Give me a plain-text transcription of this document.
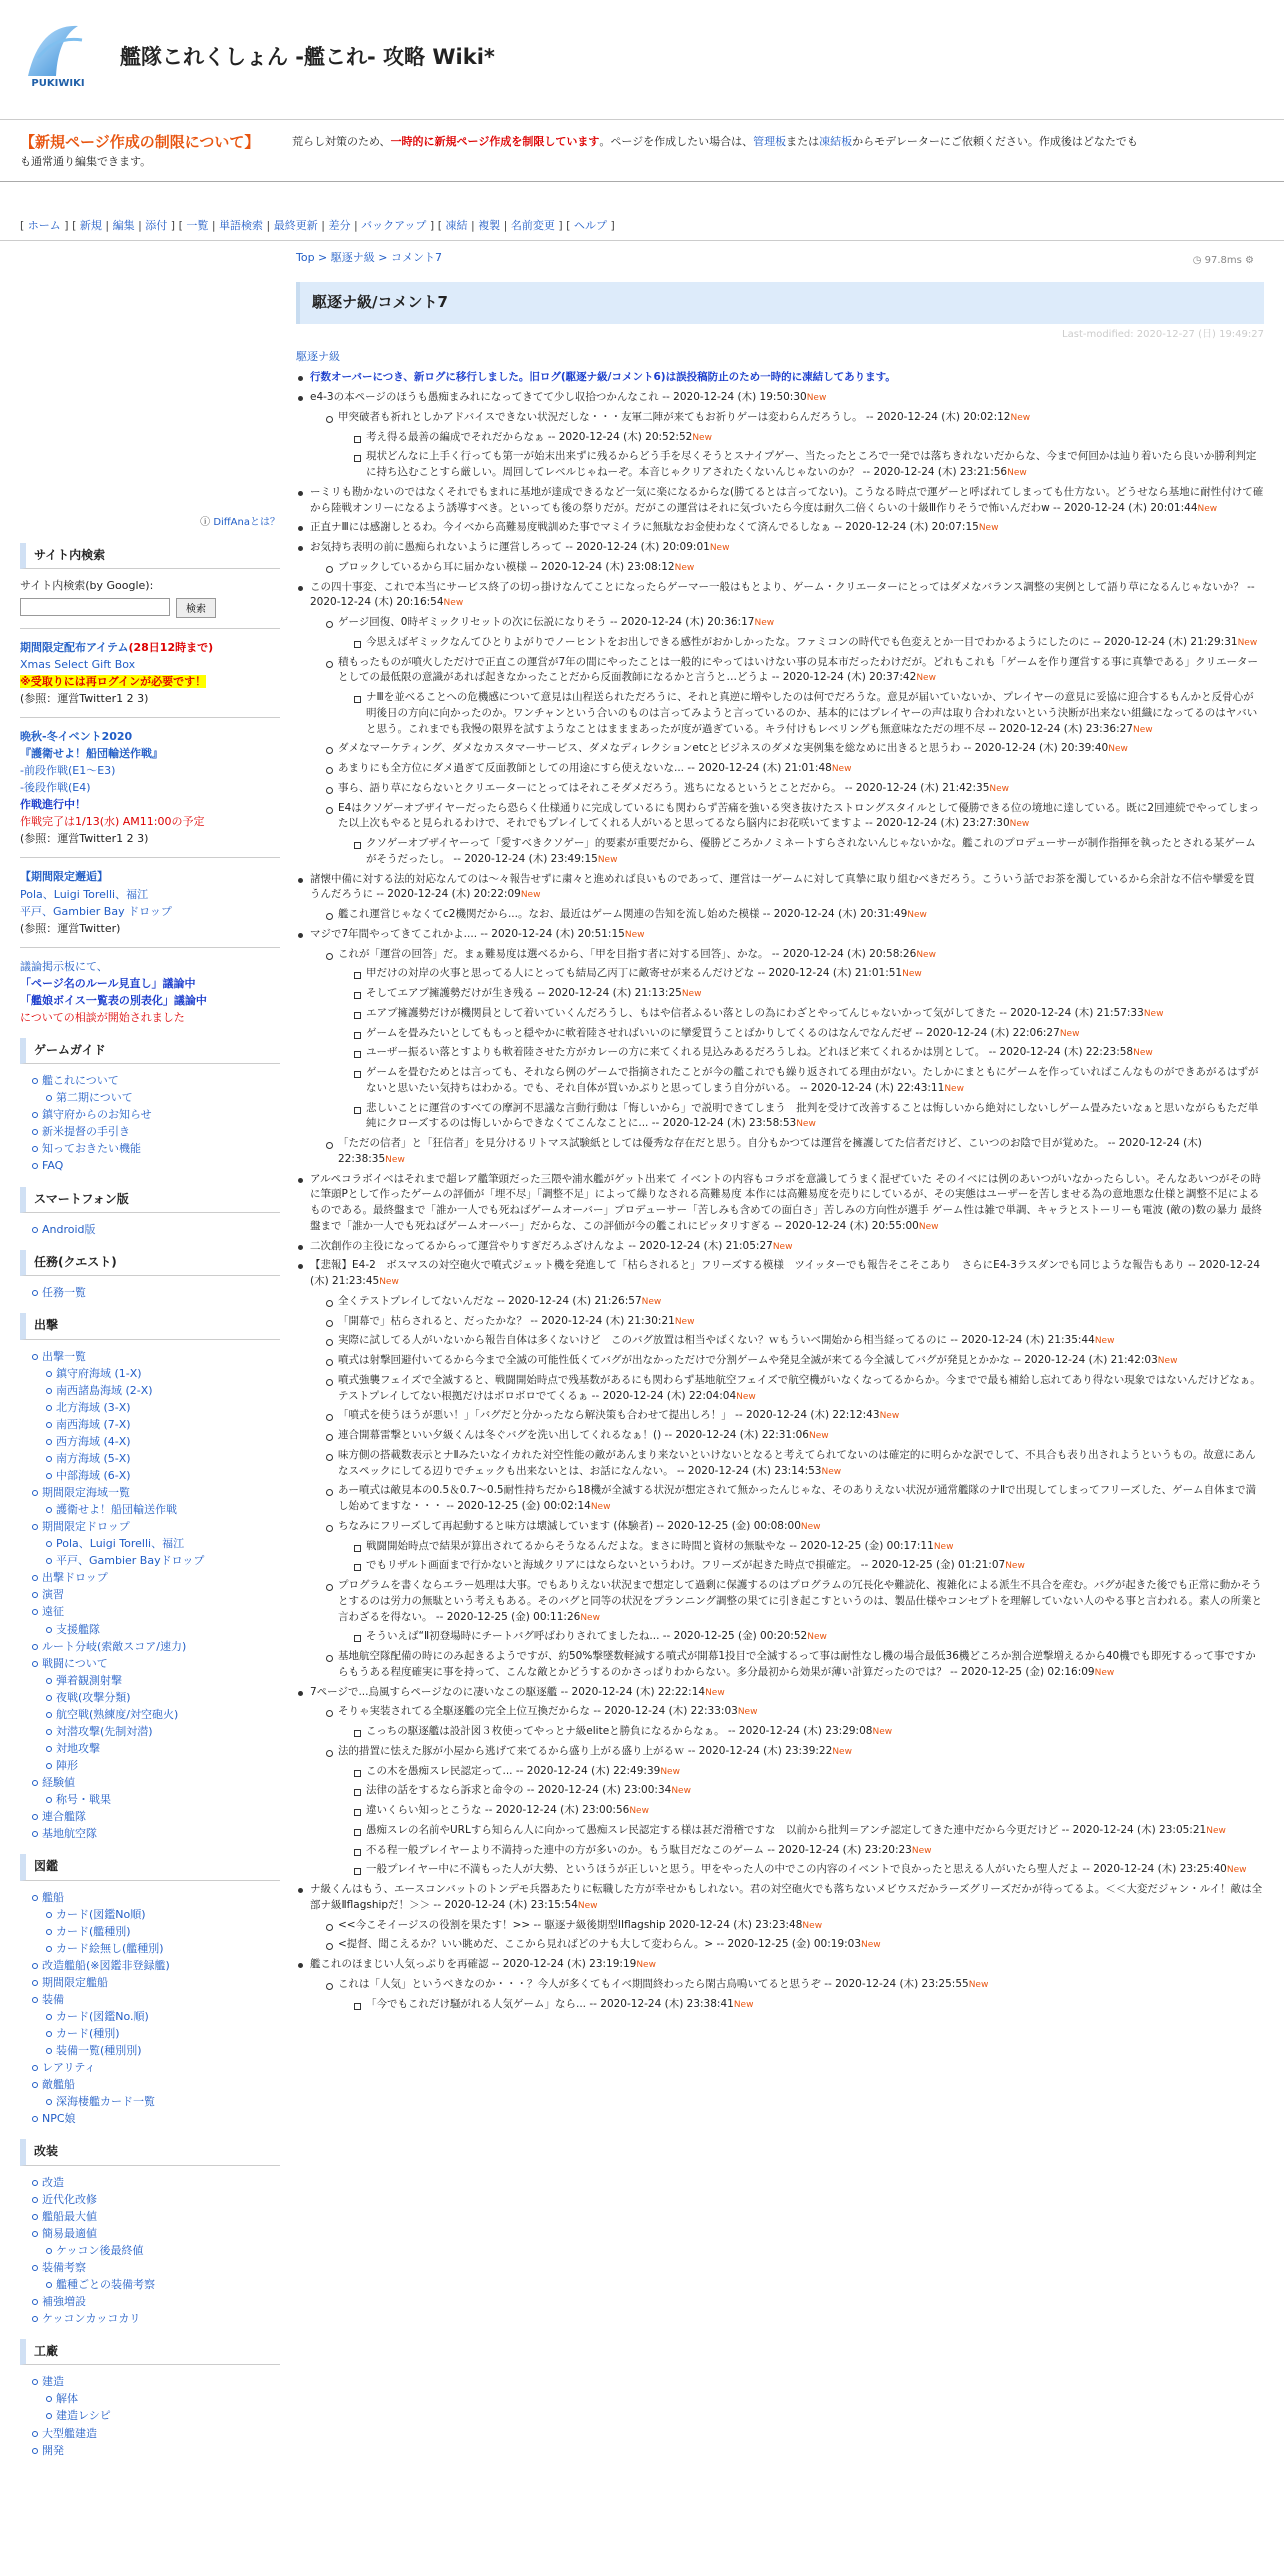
PUKIWIKI
艦隊これくしょん -艦これ- 攻略 Wiki*
【新規ページ作成の制限について】	荒らし対策のため、一時的に新規ページ作成を制限しています。ページを作成したい場合は、管理板または凍結板からモデレーターにご依頼ください。作成後はどなたでも
も通常通り編集できます。
[ ホーム ] [ 新規 | 編集 | 添付 ] [ 一覧 | 単語検索 | 最終更新 | 差分 | バックアップ ] [ 凍結 | 複製 | 名前変更 ] [ ヘルプ ]
ⓘ DiffAnaとは？
サイト内検索
サイト内検索(by Google):
検索
期間限定配布アイテム(28日12時まで)
Xmas Select Gift Box
※受取りには再ログインが必要です！
(参照：運営Twitter1 2 3)
晩秋-冬イベント2020
『護衛せよ！船団輸送作戦』
-前段作戦(E1～E3)
-後段作戦(E4)
作戦進行中！
作戦完了は1/13(水) AM11:00の予定
(参照：運営Twitter1 2 3)
【期間限定邂逅】
Pola、Luigi Torelli、福江
平戸、Gambier Bay ドロップ
(参照：運営Twitter)
議論掲示板にて、
「ページ名のルール見直し」議論中
「艦娘ボイス一覧表の別表化」議論中
についての相談が開始されました
ゲームガイド
艦これについて
第二期について
鎮守府からのお知らせ
新米提督の手引き
知っておきたい機能
FAQ
スマートフォン版
Android版
任務(クエスト)
任務一覧
出撃
出撃一覧
鎮守府海域 (1-X)
南西諸島海域 (2-X)
北方海域 (3-X)
南西海域 (7-X)
西方海域 (4-X)
南方海域 (5-X)
中部海域 (6-X)
期間限定海域一覧
護衛せよ！船団輸送作戦
期間限定ドロップ
Pola、Luigi Torelli、福江
平戸、Gambier Bayドロップ
出撃ドロップ
演習
遠征
支援艦隊
ルート分岐(索敵スコア/速力)
戦闘について
弾着観測射撃
夜戦(攻撃分類)
航空戦(熟練度/対空砲火)
対潜攻撃(先制対潜)
対地攻撃
陣形
経験値
称号・戦果
連合艦隊
基地航空隊
図鑑
艦船
カード(図鑑No順)
カード(艦種別)
カード絵無し(艦種別)
改造艦船(※図鑑非登録艦)
期間限定艦船
装備
カード(図鑑No.順)
カード(種別)
装備一覧(種別別)
レアリティ
敵艦船
深海棲艦カード一覧
NPC娘
改装
改造
近代化改修
艦船最大値
簡易最適値
ケッコン後最終値
装備考察
艦種ごとの装備考察
補強増設
ケッコンカッコカリ
工廠
建造
解体
建造レシピ
大型艦建造
開発
Top > 駆逐ナ級 > コメント7	◷ 97.8ms ⚙
駆逐ナ級/コメント7
Last-modified: 2020-12-27 (日) 19:49:27
駆逐ナ級
行数オーバーにつき、新ログに移行しました。旧ログ(駆逐ナ級/コメント6)は誤投稿防止のため一時的に凍結してあります。
e4-3の本ページのほうも愚痴まみれになってきてて少し収拾つかんなこれ -- 2020-12-24 (木) 19:50:30New
甲突破者も祈れとしかアドバイスできない状況だしな・・・友軍二陣が来てもお祈りゲーは変わらんだろうし。 -- 2020-12-24 (木) 20:02:12New
考え得る最善の編成でそれだからなぁ -- 2020-12-24 (木) 20:52:52New
現状どんなに上手く行っても第一が始末出来ずに残るからどう手を尽くそうとスナイプゲー、当たったところで一発では落ちきれないだからな、今まで何回かは辿り着いたら良いか勝利判定に持ち込むことすら厳しい。周回してレベルじゃねーぞ。本音じゃクリアされたくないんじゃないのか？ -- 2020-12-24 (木) 23:21:56New
ーミリも勘かないのではなくそれでもまれに基地が達成できるなど一気に楽になるからな(勝てるとは言ってない)。こうなる時点で運ゲーと呼ばれてしまっても仕方ない。どうせなら基地に耐性付けて確から陸戦オンリーになるよう誘導すべき。といっても後の祭りだが。だがこの運営はそれに気づいたら今度は耐久二倍くらいの十級Ⅲ作りそうで怖いんだわw -- 2020-12-24 (木) 20:01:44New
正直ナⅢには感謝しとるわ。今イベから高難易度戦訓めた事でマミイラに無駄なお金使わなくて済んでるしなぁ -- 2020-12-24 (木) 20:07:15New
お気持ち表明の前に愚痴られないように運営しろって -- 2020-12-24 (木) 20:09:01New
ブロックしているから耳に届かない模様 -- 2020-12-24 (木) 23:08:12New
この四十事変、これで本当にサービス終了の切っ掛けなんてことになったらゲーマー一般はもとより、ゲーム・クリエーターにとってはダメなバランス調整の実例として語り草になるんじゃないか？ -- 2020-12-24 (木) 20:16:54New
ゲージ回復、0時ギミックリセットの次に伝説になりそう -- 2020-12-24 (木) 20:36:17New
今思えばギミックなんてひとりよがりでノーヒントをお出しできる感性がおかしかったな。ファミコンの時代でも色変えとか一目でわかるようにしたのに -- 2020-12-24 (木) 21:29:31New
積もったものが噴火しただけで正直この運営が7年の間にやったことは一般的にやってはいけない事の見本市だったわけだが。どれもこれも「ゲームを作り運営する事に真摯である」クリエーターとしての最低限の意識があれば起きなかったことだから反面教師になるかと言うと…どうよ -- 2020-12-24 (木) 20:37:42New
ナⅢを並べることへの危機感について意見は山程送られただろうに、それと真逆に増やしたのは何でだろうな。意見が届いていないか、プレイヤーの意見に妥協に迎合するもんかと反骨心が明後日の方向に向かったのか。ワンチャンという合いのものは言ってみようと言っているのか、基本的にはプレイヤーの声は取り合われないという決断が出来ない組織になってるのはヤバいと思う。これまでも我慢の限界を試すようなことはまままあったが度が過ぎている。キラ付けもレベリングも無意味なただの埋不尽 -- 2020-12-24 (木) 23:36:27New
ダメなマーケティング、ダメなカスタマーサービス、ダメなディレクションetcとビジネスのダメな実例集を総なめに出きると思うわ -- 2020-12-24 (木) 20:39:40New
あまりにも全方位にダメ過ぎて反面教師としての用途にすら使えないな... -- 2020-12-24 (木) 21:01:48New
事ら、語り草にならないとクリエーターにとってはそれこそダメだろう。逃ちになるというとことだから。 -- 2020-12-24 (木) 21:42:35New
E4はクソゲーオブザイヤーだったら恐らく仕様通りに完成しているにも関わらず苦痛を強いる突き抜けたストロングスタイルとして優勝できる位の境地に達している。既に2回連続でやってしまった以上次もやると見られるわけで、それでもプレイしてくれる人がいると思ってるなら脳内にお花咲いてますよ -- 2020-12-24 (木) 23:27:30New
クソゲーオブザイヤーって「愛すべきクソゲー」的要素が重要だから、優勝どころかノミネートすらされないんじゃないかな。艦これのプロデューサーが制作指揮を執ったとされる某ゲームがそうだったし。 -- 2020-12-24 (木) 23:49:15New
諸懐中備に対する法的対応なんてのは～々報告せずに粛々と進めれば良いものであって、運営は一ゲームに対して真摯に取り組むべきだろう。こういう話でお茶を濁しているから余計な不信や攣愛を買うんだろうに -- 2020-12-24 (木) 20:22:09New
艦これ運営じゃなくてc2機関だから...。なお、最近はゲーム関連の告知を流し始めた模様 -- 2020-12-24 (木) 20:31:49New
マジで7年間やってきてこれかよ.... -- 2020-12-24 (木) 20:51:15New
これが「運営の回答」だ。まぁ難易度は選べるから、「甲を目指す者に対する回答」、かな。 -- 2020-12-24 (木) 20:58:26New
甲だけの対岸の火事と思ってる人にとっても結局乙丙丁に敵寄せが来るんだけどな -- 2020-12-24 (木) 21:01:51New
そしてエアプ擁護勢だけが生き残る -- 2020-12-24 (木) 21:13:25New
エアプ擁護勢だけが機関員として着いていくんだろうし、もはや信者ふるい落としの為にわざとやってんじゃないかって気がしてきた -- 2020-12-24 (木) 21:57:33New
ゲームを畳みたいとしてももっと穏やかに軟着陸させればいいのに攣愛買うことばかりしてくるのはなんでなんだぜ -- 2020-12-24 (木) 22:06:27New
ユーザー振るい落とすよりも軟着陸させた方がカレーの方に来てくれる見込みあるだろうしね。どれほど来てくれるかは別として。 -- 2020-12-24 (木) 22:23:58New
ゲームを畳むためとは言っても、それなら例のゲームで指摘されたことが今の艦これでも繰り返されてる理由がない。たしかにまともにゲームを作っていればこんなものができあがるはずがないと思いたい気持ちはわかる。でも、それ自体が買いかぶりと思ってしまう自分がいる。 -- 2020-12-24 (木) 22:43:11New
悲しいことに運営のすべての摩訶不思議な言動行動は「悔しいから」で説明できてしまう　批判を受けて改善することは悔しいから絶対にしないしゲーム畳みたいなぁと思いながらもただ単純にクローズするのは悔しいからできなくてこんなことに... -- 2020-12-24 (木) 23:58:53New
「ただの信者」と「狂信者」を見分けるリトマス試験紙としては優秀な存在だと思う。自分もかつては運営を擁護してた信者だけど、こいつのお陰で目が覚めた。 -- 2020-12-24 (木) 22:38:35New
アルペコラボイベはそれまで超レア艦筆頭だった三隈や浦水艦がゲット出来て イベントの内容もコラボを意識してうまく混ぜていた そのイベには例のあいつがいなかったらしい。そんなあいつがその時に筆頭Pとして作ったゲームの評価が「埋不尽」「調整不足」によって繰りなされる高難易度 本作には高難易度を売りにしているが、その実態はユーザーを苦しませる為の意地悪な仕様と調整不足によるものである。最終盤まで「誰か一人でも死ねばゲームオーバー」プロデューサー「苦しみも含めての面白さ」苦しみの方向性が選手 ゲーム性は雑で単調、キャラとストーリーも電波 (敵の)数の暴力 最終盤まで「誰か一人でも死ねばゲームオーバー」だからな、この評価が今の艦これにピッタリすぎる -- 2020-12-24 (木) 20:55:00New
二次創作の主役になってるからって運営やりすぎだろふざけんなよ -- 2020-12-24 (木) 21:05:27New
【悲報】E4-2　ボスマスの対空砲火で噴式ジェット機を発進して「枯らされると」フリーズする模様　ツイッターでも報告そこそこあり　さらにE4-3ラスダンでも同じような報告もあり -- 2020-12-24 (木) 21:23:45New
全くテストプレイしてないんだな -- 2020-12-24 (木) 21:26:57New
「開幕で」枯らされると、だったかな？ -- 2020-12-24 (木) 21:30:21New
実際に試してる人がいないから報告自体は多くないけど　このバグ放置は相当やばくない？ｗもういベ開始から相当経ってるのに -- 2020-12-24 (木) 21:35:44New
噴式は射撃回避付いてるから今まで全滅の可能性低くてバグが出なかっただけで分割ゲームや発見全滅が来てる今全滅してバグが発見とかかな -- 2020-12-24 (木) 21:42:03New
噴式強襲フェイズで全滅すると、戦闘開始時点で残基数があるにも関わらず基地航空フェイズで航空機がいなくなってるからか。今までで最も補給し忘れてあり得ない現象ではないんだけどなぁ。テストプレイしてない根拠だけはボロボロでてくるぁ -- 2020-12-24 (木) 22:04:04New
「噴式を使うほうが悪い！」「バグだと分かったなら解決策も合わせて提出しろ！」 -- 2020-12-24 (木) 22:12:43New
連合開幕雷撃といい夕級くんは冬ぐバグを洗い出してくれるなぁ！() -- 2020-12-24 (木) 22:31:06New
味方側の搭載数表示とナⅡみたいなイカれた対空性能の敵があんまり来ないといけないとなると考えてられてないのは確定的に明らかな訳でして、不具合も表り出されようというもの。故意にあんなスペックにしてる辺りでチェックも出来ないとは、お話になんない。 -- 2020-12-24 (木) 23:14:53New
あー噴式は敵見本の0.5＆0.7～0.5耐性持ちだから18機が全滅する状況が想定されて無かったんじゃな、そのありえない状況が通常艦隊のナⅡで出現してしまってフリーズした、ゲーム自体まで満し始めてますな・・・ -- 2020-12-25 (金) 00:02:14New
ちなみにフリーズして再起動すると味方は壊滅しています (体験者) -- 2020-12-25 (金) 00:08:00New
戦闘開始時点で結果が算出されてるからそうなるんだよな。まさに時間と資材の無駄やな -- 2020-12-25 (金) 00:17:11New
でもリザルト画面まで行かないと海域クリアにはならないというわけ。フリーズが起きた時点で損確定。 -- 2020-12-25 (金) 01:21:07New
プログラムを書くならエラー処理は大事。でもありえない状況まで想定して過剰に保護するのはプログラムの冗長化や難読化、複雑化による派生不具合を産む。バグが起きた後でも正常に動かそうとするのは労力の無駄という考えもある。そのバグと同等の状況をプランニング調整の果てに引き起こすというのは、製品仕様やコンセプトを理解していない人のやる事と言われる。素人の所業と言わざるを得ない。 -- 2020-12-25 (金) 00:11:26New
そういえば“Ⅱ初登場時にチートバグ呼ばわりされてましたね... -- 2020-12-25 (金) 00:20:52New
基地航空隊配備の時にのみ起きるようですが、約50%撃墜数軽減する噴式が開幕1投目で全滅するって事は耐性なし機の場合最低36機どころか割合逆撃増えるから40機でも即死するって事ですからもうある程度確実に事を持って、こんな敵とかどうするのかさっぱりわからない。多分最初から効果が薄い計算だったのでは？ -- 2020-12-25 (金) 02:16:09New
7ページで...烏風すらページなのに凄いなこの駆逐艦 -- 2020-12-24 (木) 22:22:14New
そりゃ実装されてる全駆逐艦の完全上位互換だからな -- 2020-12-24 (木) 22:33:03New
こっちの駆逐艦は設計図３枚使ってやっとナ級eliteと勝負になるからなぁ。 -- 2020-12-24 (木) 23:29:08New
法的措置に怯えた豚が小屋から逃げて来てるから盛り上がる盛り上がるｗ -- 2020-12-24 (木) 23:39:22New
この木を愚痴スレ民認定って... -- 2020-12-24 (木) 22:49:39New
法律の話をするなら訴求と命令の -- 2020-12-24 (木) 23:00:34New
違いくらい知っとこうな -- 2020-12-24 (木) 23:00:56New
愚痴スレの名前やURLすら知らん人に向かって愚痴スレ民認定する様は甚だ滑稽ですな　以前から批判＝アンチ認定してきた連中だから今更だけど -- 2020-12-24 (木) 23:05:21New
不る程一般プレイヤーより不満持った連中の方が多いのか。もう駄目だなこのゲーム -- 2020-12-24 (木) 23:20:23New
一般プレイヤー中に不満もった人が大勢、というほうが正しいと思う。甲をやった人の中でこの内容のイベントで良かったと思える人がいたら聖人だよ -- 2020-12-24 (木) 23:25:40New
ナ級くんはもう、エースコンバットのトンデモ兵器あたりに転職した方が幸せかもしれない。君の対空砲火でも落ちないメビウスだかラーズグリーズだかが待ってるよ。＜＜大変だジャン・ルイ！敵は全部ナ級Ⅱflagshipだ！＞＞ -- 2020-12-24 (木) 23:15:54New
<<今こそイージスの役割を果たす！>> -- 駆逐ナ級後期型IIflagship 2020-12-24 (木) 23:23:48New
<提督、聞こえるか？いい眺めだ、ここから見ればどのナも大して変わらん。> -- 2020-12-25 (金) 00:19:03New
艦これのほまじい人気っぷりを再確認 -- 2020-12-24 (木) 23:19:19New
これは「人気」というべきなのか・・・？今人が多くてもイベ期間終わったら閑古鳥鳴いてると思うぞ -- 2020-12-24 (木) 23:25:55New
「今でもこれだけ騒がれる人気ゲーム」なら... -- 2020-12-24 (木) 23:38:41New
